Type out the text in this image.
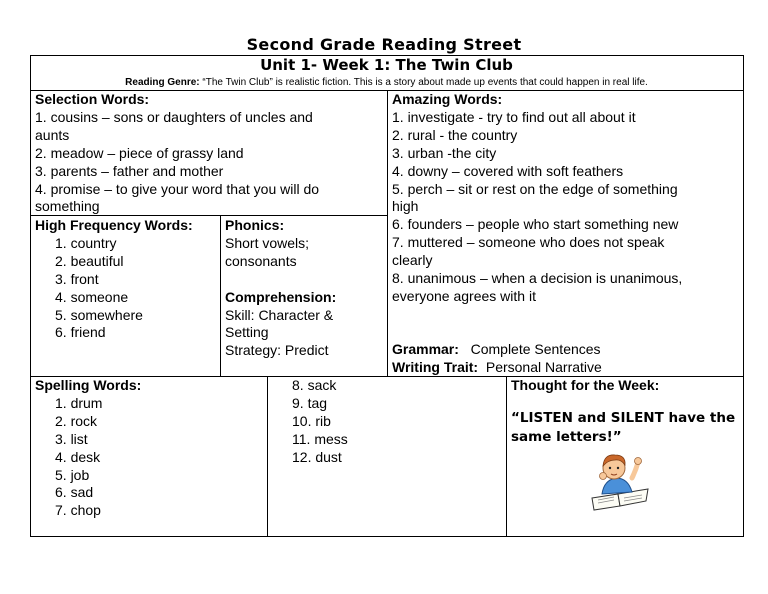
Second Grade Reading Street
Unit 1- Week 1: The Twin Club
Reading Genre: “The Twin Club” is realistic fiction. This is a story about made up events that could happen in real life.
Selection Words:
1. cousins – sons or daughters of uncles and
aunts
2. meadow – piece of grassy land
3. parents – father and mother
4. promise – to give your word that you will do
something
Amazing Words:
1. investigate - try to find out all about it
2. rural - the country
3. urban -the city
4. downy – covered with soft feathers
5. perch – sit or rest on the edge of something
high
6. founders – people who start something new
7. muttered – someone who does not speak
clearly
8. unanimous – when a decision is unanimous,
everyone agrees with it
Grammar: Complete Sentences
Writing Trait: Personal Narrative
High Frequency Words:
1. country
2. beautiful
3. front
4. someone
5. somewhere
6. friend
Phonics:
Short vowels;
consonants
Comprehension:
Skill: Character &
Setting
Strategy: Predict
Spelling Words:
1. drum
2. rock
3. list
4. desk
5. job
6. sad
7. chop
8. sack
9. tag
10. rib
11. mess
12. dust
Thought for the Week:
“LISTEN and SILENT have the
same letters!”
